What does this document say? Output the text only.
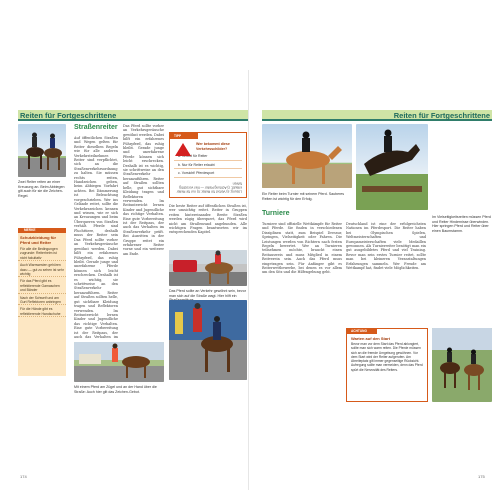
Reiten für Fortgeschrittene	Reiten für Fortgeschrittene
Zwei Reiter reiten an einer Kreuzung an. Beim Abbiegen gilt auch für sie die Zeichen-Regel.
Straßenreiter
Auf öffentlichen Straßen und Wegen gelten für Reiter dieselben Regeln wie für alle anderen Verkehrsteilnehmer. Reiter sind verpflichtet, sich an die Straßenverkehrsordnung zu halten. Sie müssen rechts reiten, Handzeichen geben, beim Abbiegen Vorfahrt achten. Bei Dämmerung ist Beleuchtung vorgeschrieben. Wer ins Gelände reitet, sollte die Verkehrszeichen kennen und wissen, wie er sich an Kreuzungen und beim Überqueren von Straßen verhält. Pferde sind Fluchttiere, deshalb muss der Reiter sein
Das Pferd sollte vorher an Verkehrsgeräusche gewöhnt werden. Dabei hilft ein erfahrenes Führpferd, das ruhig bleibt. Gerade junge und unerfahrene Pferde können sich leicht erschrecken. Deshalb ist es wichtig, sie schrittweise an den Straßenverkehr heranzuführen. Reiter auf Straßen sollten helle, gut sichtbare Kleidung tragen und Reflektoren verwenden. Im Reitunterricht lernen Kinder und Jugendliche das richtige Verhalten. Eine gute Vorbereitung ist der Reitpass, der auch das Verhalten im
Das Pferd sollte vorher an Verkehrsgeräusche gewöhnt werden. Dabei hilft ein erfahrenes Führpferd, das ruhig bleibt. Gerade junge und unerfahrene Pferde können sich leicht erschrecken. Deshalb ist es wichtig, sie schrittweise an den Straßenverkehr heranzuführen. Reiter auf Straßen sollten helle, gut sichtbare Kleidung tragen und Reflektoren verwenden. Im Reitunterricht lernen Kinder und Jugendliche das richtige Verhalten. Eine gute Vorbereitung ist der Reitpass, der auch das Verhalten im Straßenverkehr prüft. Bei Ausritten in der Gruppe reitet ein erfahrener Reiter vorne und ein weiterer am Ende.
TIPP
Wer bekommt diese Verkehrsschilder?
a. Verbot für Reiter
b. Nur für Reiter erlaubt
c. Vorsicht! Pferdesport
Lösung: a) Verbot für Reiter; b) nur für Reiter erlaubt; c) Achtung Reiter — hier vorsichtig fahren
Die beste Reiter auf öffentlichen Straßen ist, wer umsichtig reitet. Reiter in Gruppen reiten hintereinander. Breite Straßen werden zügig überquert, das Pferd wird nicht am Straßenrand angebunden. Alle wichtigen Fragen beantworten wir im entsprechenden Kapitel.
MERKE
Schutzkleidung für Pferd und Reiter
Für alle die Bedingungen zugrunde: Reiterhelm ist nicht fakultativ
Auch Warnwesten gehören dazu — gut zu sehen ist sehr wichtig
Für das Pferd gibt es reflektierende Gamaschen und Bänder
Nach der Schweif und am Gurt Reflektoren anbringen
Für die Hände gibt es reflektierende Handschuhe
Das Pferd sollte an Verkehr gewöhnt sein, bevor man sich auf die Straße wagt. Hier hilft ein
Mit einem Pferd am Zügel und an der Hand über die Straße: Auch hier gilt das Zeichen-Gebot.
174
Ein Reiter beim Turnier mit seinem Pferd. Sauberes Reiten ist wichtig für den Erfolg.
Im Vielseitigkeitsreiten müssen Pferd und Reiter Hindernisse überwinden. Hier springen Pferd und Reiter über einen Baumstamm.
Turniere
Turniere sind offizielle Wettkämpfe für Reiter und Pferde. Sie finden in verschiedenen Disziplinen statt, zum Beispiel Dressur, Springen, Vielseitigkeit oder Fahren. Die Leistungen werden von Richtern nach festen Regeln bewertet. Wer an Turnieren teilnehmen möchte, braucht einen Reitausweis und muss Mitglied in einem Reitverein sein. Auch das Pferd muss eingetragen sein. Für Anfänger gibt es Reiterwettbewerbe, bei denen es vor allem um den Sitz und die Hilfengebung geht.
Deutschland ist eine der erfolgreichsten Nationen im Pferdesport. Die Reiter haben bei Olympischen Spielen, Weltmeisterschaften und Europameisterschaften viele Medaillen gewonnen. Als Turnierreiter benötigt man ein gut ausgebildetes Pferd und viel Training. Bevor man sein erstes Turnier reitet, sollte man bei kleineren Veranstaltungen Erfahrungen sammeln. Wer Freude am Wettkampf hat, findet viele Möglichkeiten.
ACHTUNG
Warten auf den Start
Bevor man vor dem Start das Pferd ablongiert, sollte man sich warm reiten. Die Pferde müssen sich an die fremde Umgebung gewöhnen. Vor dem Start wird der Reiter aufgerufen. Am Abreiteplatz gilt immer gegenseitige Rücksicht. Aufregung sollte man vermeiden, denn das Pferd spürt die Nervosität des Reiters.
175
